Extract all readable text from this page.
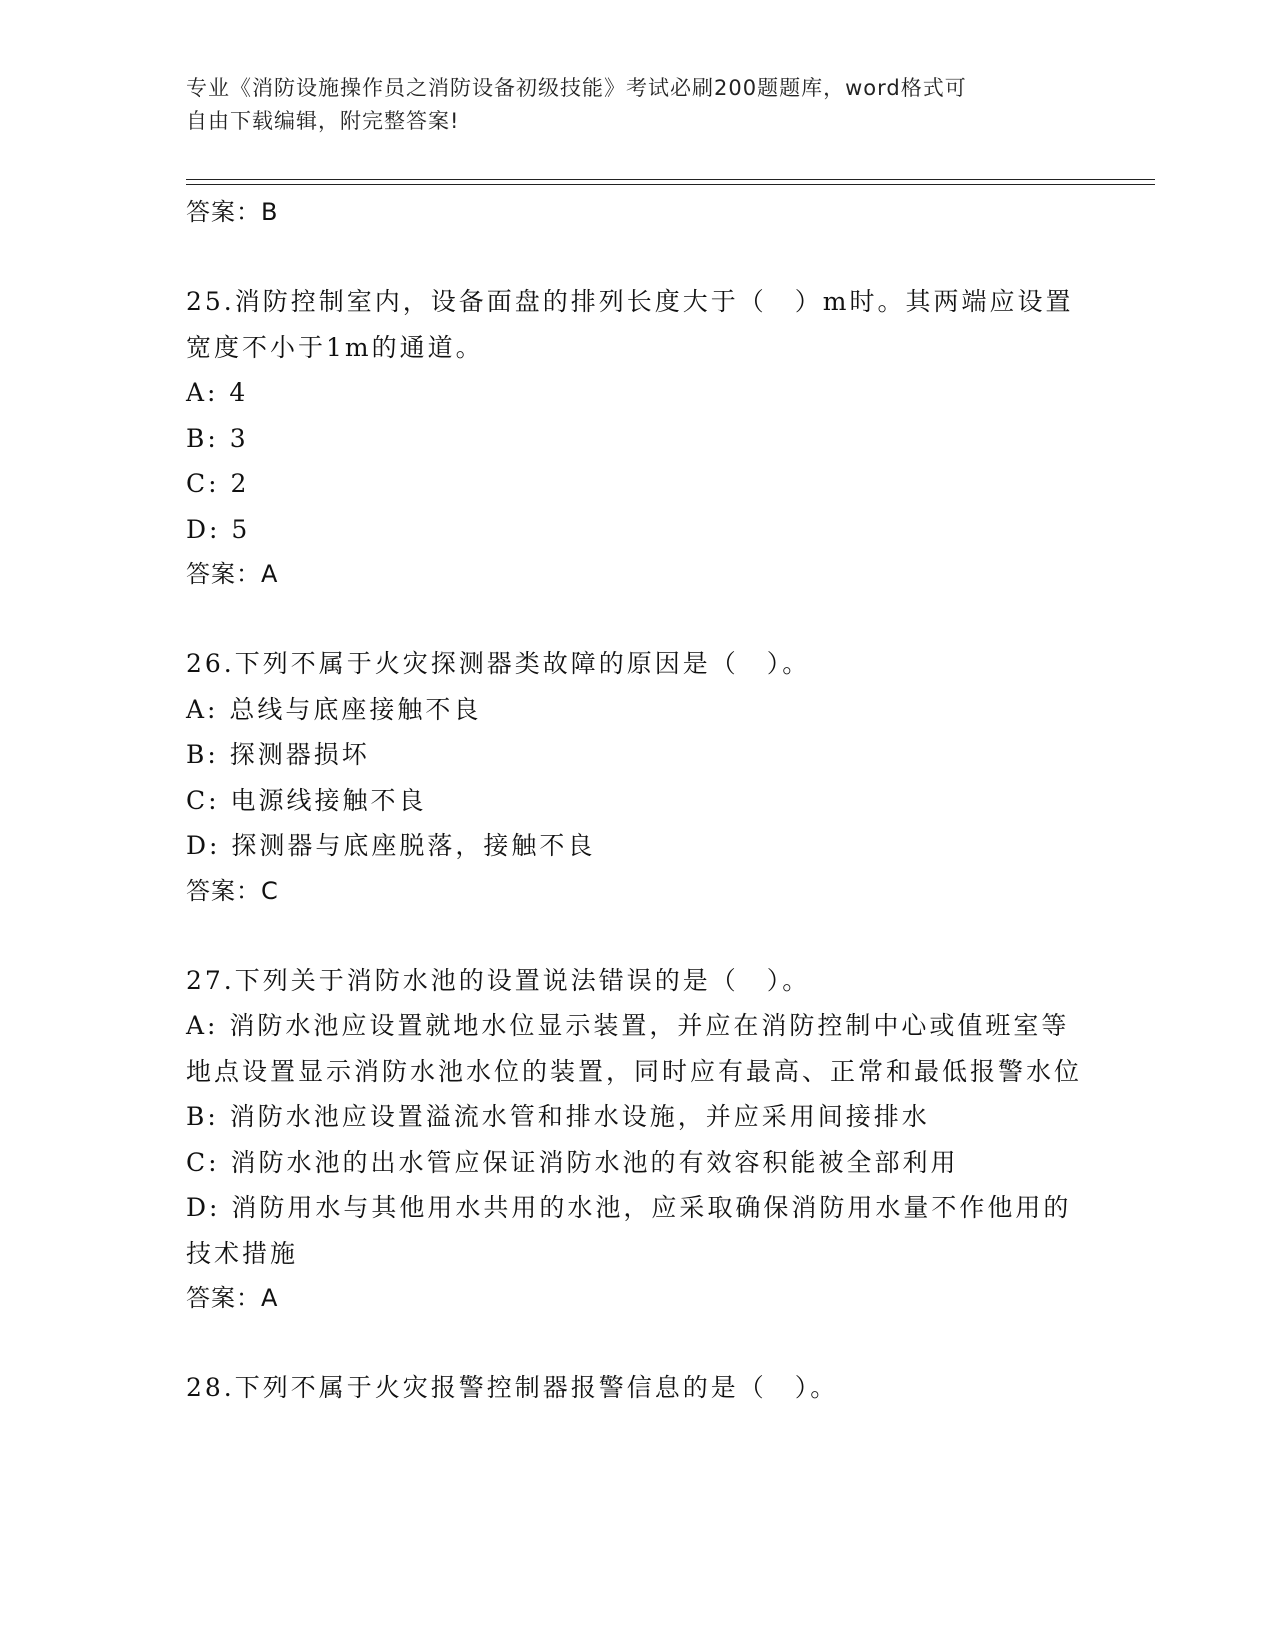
专业《消防设施操作员之消防设备初级技能》考试必刷200题题库，word格式可
自由下载编辑，附完整答案!
答案：B
25.消防控制室内，设备面盘的排列长度大于（　）m时。其两端应设置宽度不小于1m的通道。
A: 4
B: 3
C: 2
D: 5
答案：A
26.下列不属于火灾探测器类故障的原因是（　）。
A: 总线与底座接触不良
B: 探测器损坏
C: 电源线接触不良
D: 探测器与底座脱落，接触不良
答案：C
27.下列关于消防水池的设置说法错误的是（　）。
A: 消防水池应设置就地水位显示装置，并应在消防控制中心或值班室等地点设置显示消防水池水位的装置，同时应有最高、正常和最低报警水位
B: 消防水池应设置溢流水管和排水设施，并应采用间接排水
C: 消防水池的出水管应保证消防水池的有效容积能被全部利用
D: 消防用水与其他用水共用的水池，应采取确保消防用水量不作他用的技术措施
答案：A
28.下列不属于火灾报警控制器报警信息的是（　）。
